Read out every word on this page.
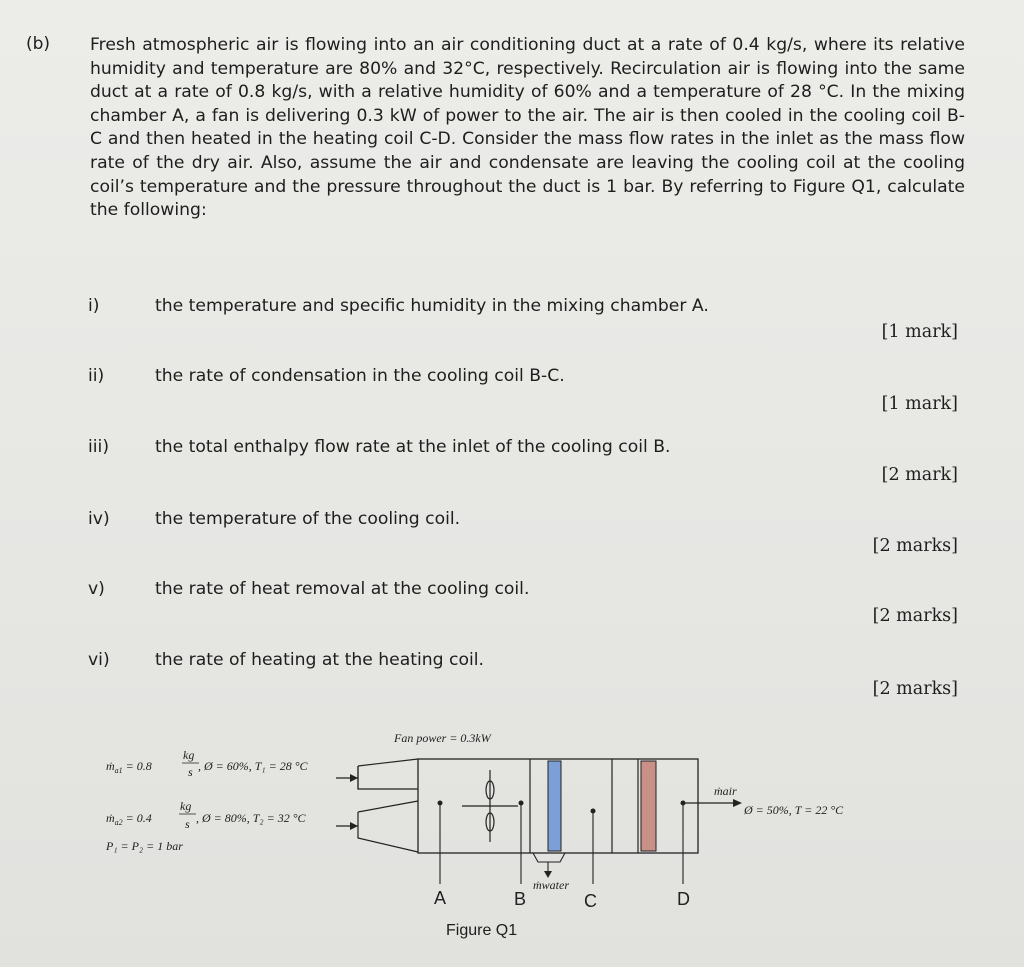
(b) Fresh atmospheric air is flowing into an air conditioning duct at a rate of 0.4 kg/s, where its relative humidity and temperature are 80% and 32°C, respectively. Recirculation air is flowing into the same duct at a rate of 0.8 kg/s, with a relative humidity of 60% and a temperature of 28 °C. In the mixing chamber A, a fan is delivering 0.3 kW of power to the air. The air is then cooled in the cooling coil B-C and then heated in the heating coil C-D. Consider the mass flow rates in the inlet as the mass flow rate of the dry air. Also, assume the air and condensate are leaving the cooling coil at the cooling coil’s temperature and the pressure throughout the duct is 1 bar. By referring to Figure Q1, calculate the following:
i)	the temperature and specific humidity in the mixing chamber A.
[1 mark]
ii)	the rate of condensation in the cooling coil B-C.
[1 mark]
iii)	the total enthalpy flow rate at the inlet of the cooling coil B.
[2 mark]
iv)	the temperature of the cooling coil.
[2 marks]
v)	the rate of heat removal at the cooling coil.
[2 marks]
vi)	the rate of heating at the heating coil.
[2 marks]
Fan power = 0.3kW
ṁ$_{a1}$ = 0.8
kg
s , Ø = 60%, T₁ = 28 °C
ṁ$_{a2}$ = 0.4
kg
s , Ø = 80%, T₂ = 32 °C
P₁ = P₂ = 1 bar
ṁair
Ø = 50%, T = 22 °C
ṁwater
A	B	C	D
Figure Q1
